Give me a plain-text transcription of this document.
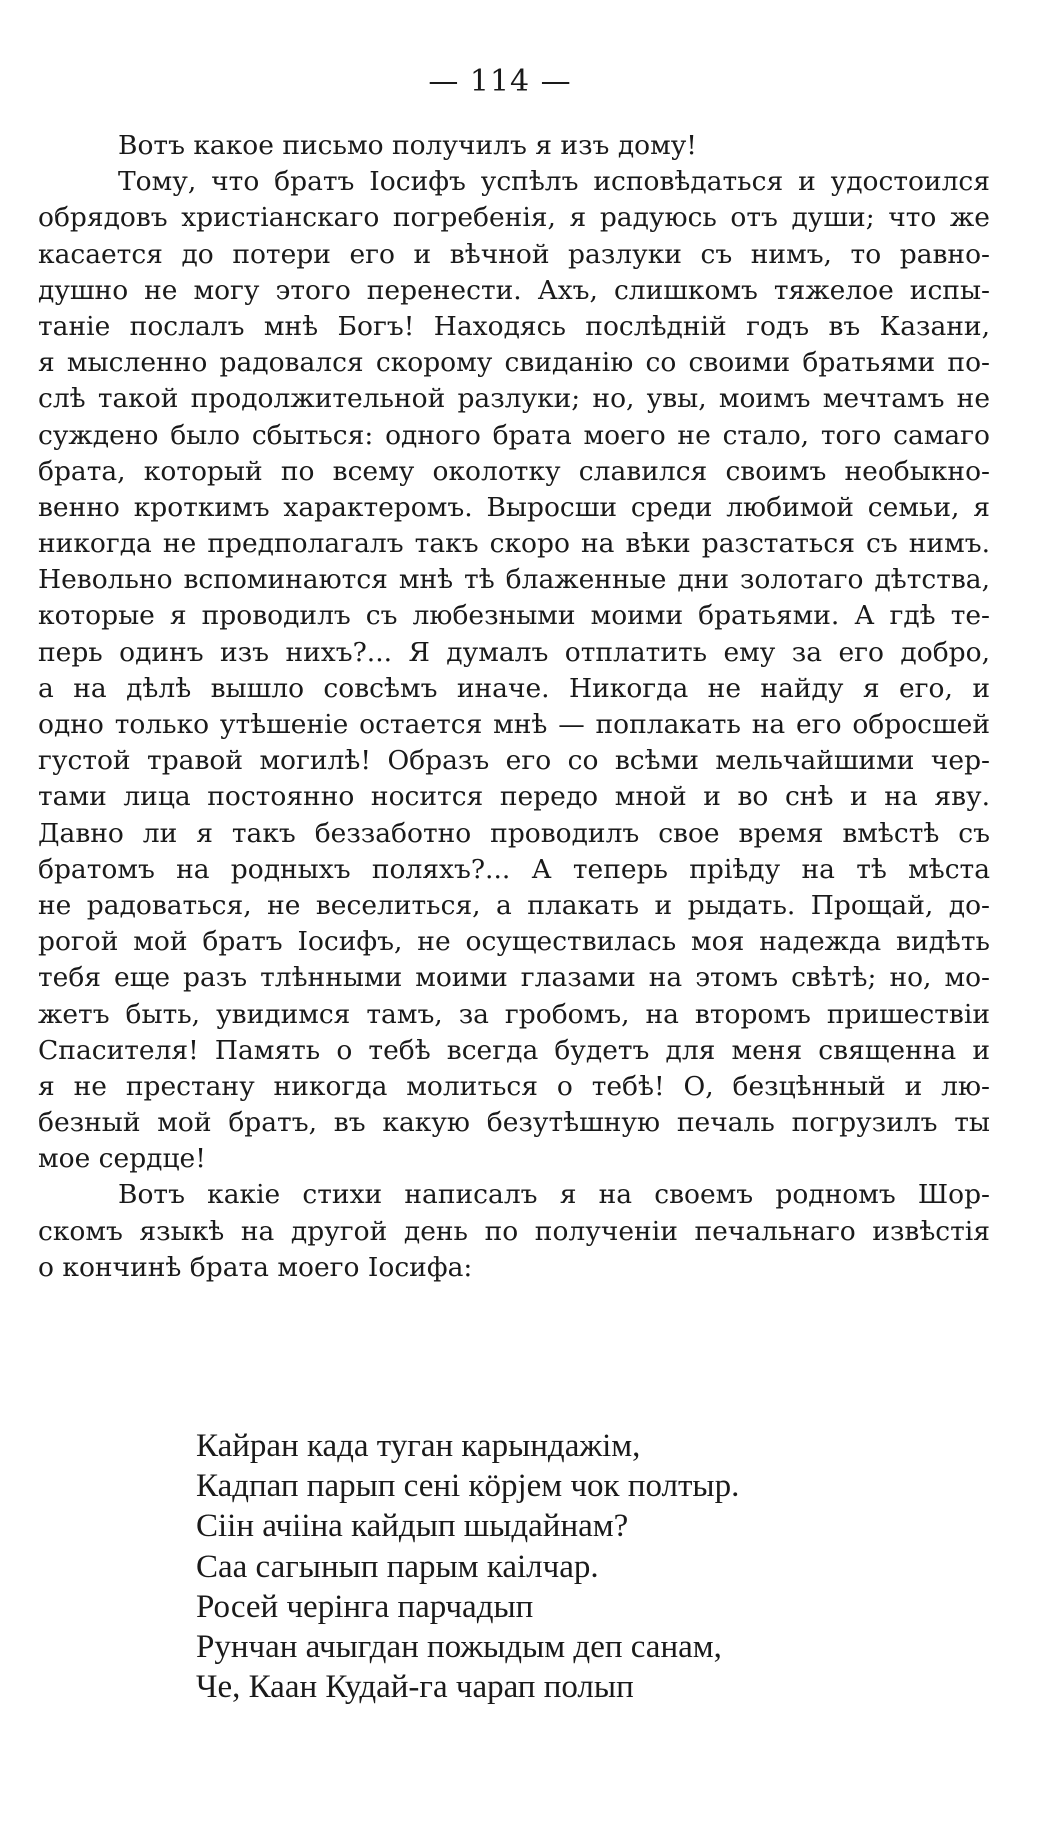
— 114 —
Вотъ какое письмо получилъ я изъ дому!
Тому, что братъ Іосифъ успѣлъ исповѣдаться и удостоился
обрядовъ христіанскаго погребенія, я радуюсь отъ души; что же
касается до потери его и вѣчной разлуки съ нимъ, то равно-
душно не могу этого перенести. Ахъ, слишкомъ тяжелое испы-
таніе послалъ мнѣ Богъ! Находясь послѣдній годъ въ Казани,
я мысленно радовался скорому свиданію со своими братьями по-
слѣ такой продолжительной разлуки; но, увы, моимъ мечтамъ не
суждено было сбыться: одного брата моего не стало, того самаго
брата, который по всему околотку славился своимъ необыкно-
венно кроткимъ характеромъ. Выросши среди любимой семьи, я
никогда не предполагалъ такъ скоро на вѣки разстаться съ нимъ.
Невольно вспоминаются мнѣ тѣ блаженные дни золотаго дѣтства,
которые я проводилъ съ любезными моими братьями. А гдѣ те-
перь одинъ изъ нихъ?... Я думалъ отплатить ему за его добро,
а на дѣлѣ вышло совсѣмъ иначе. Никогда не найду я его, и
одно только утѣшеніе остается мнѣ — поплакать на его обросшей
густой травой могилѣ! Образъ его со всѣми мельчайшими чер-
тами лица постоянно носится передо мной и во снѣ и на яву.
Давно ли я такъ беззаботно проводилъ свое время вмѣстѣ съ
братомъ на родныхъ поляхъ?... А теперь пріѣду на тѣ мѣста
не радоваться, не веселиться, а плакать и рыдать. Прощай, до-
рогой мой братъ Іосифъ, не осуществилась моя надежда видѣть
тебя еще разъ тлѣнными моими глазами на этомъ свѣтѣ; но, мо-
жетъ быть, увидимся тамъ, за гробомъ, на второмъ пришествіи
Спасителя! Память о тебѣ всегда будетъ для меня священна и
я не престану никогда молиться о тебѣ! О, безцѣнный и лю-
безный мой братъ, въ какую безутѣшную печаль погрузилъ ты
мое сердце!
Вотъ какіе стихи написалъ я на своемъ родномъ Шор-
скомъ языкѣ на другой день по полученіи печальнаго извѣстія
о кончинѣ брата моего Іосифа:
Кайран када туган карындажім,
Кадпап парып сені кöрjем чок полтыр.
Сіін ачііна кайдып шыдайнам?
Саа сагынып парым каілчар.
Росей черінга парчадып
Рунчан ачыгдан пожыдым деп санам,
Че, Каан Кудай-га чарап полып
